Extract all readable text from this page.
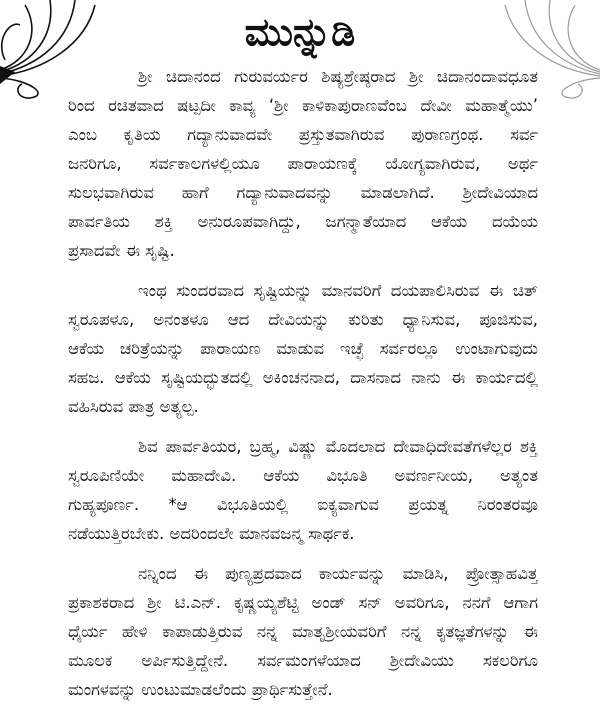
ಮುನ್ನುಡಿ
ಶ್ರೀ ಚಿದಾನಂದ ಗುರುವರ್ಯರ ಶಿಷ್ಯಶ್ರೇಷ್ಠರಾದ ಶ್ರೀ ಚಿದಾನಂದಾವಧೂತ
ರಿಂದ ರಚಿತವಾದ ಷಟ್ಪದೀ ಕಾವ್ಯ ‘ಶ್ರೀ ಕಾಳಿಕಾಪುರಾಣವೆಂಬ ದೇವೀ ಮಹಾತ್ಮೆಯು’
ಎಂಬ ಕೃತಿಯ ಗದ್ಯಾನುವಾದವೇ ಪ್ರಸ್ತುತವಾಗಿರುವ ಪುರಾಣಗ್ರಂಥ. ಸರ್ವ
ಜನರಿಗೂ, ಸರ್ವಕಾಲಗಳಲ್ಲಿಯೂ ಪಾರಾಯಣಕ್ಕೆ ಯೋಗ್ಯವಾಗಿರುವ, ಅರ್ಥ
ಸುಲಭವಾಗಿರುವ ಹಾಗೆ ಗದ್ಯಾನುವಾದವನ್ನು ಮಾಡಲಾಗಿದೆ. ಶ್ರೀದೇವಿಯಾದ
ಪಾರ್ವತಿಯ ಶಕ್ತಿ ಅನುರೂಪವಾಗಿದ್ದು, ಜಗನ್ಮಾತೆಯಾದ ಆಕೆಯ ದಯೆಯ
ಪ್ರಸಾದವೇ ಈ ಸೃಷ್ಟಿ.
ಇಂಥ ಸುಂದರವಾದ ಸೃಷ್ಟಿಯನ್ನು ಮಾನವರಿಗೆ ದಯಪಾಲಿಸಿರುವ ಈ ಚಿತ್
ಸ್ವರೂಪಳೂ, ಅನಂತಳೂ ಆದ ದೇವಿಯನ್ನು ಕುರಿತು ಧ್ಯಾನಿಸುವ, ಪೂಜಿಸುವ,
ಆಕೆಯ ಚರಿತ್ರೆಯನ್ನು ಪಾರಾಯಣ ಮಾಡುವ ಇಚ್ಛೆ ಸರ್ವರಲ್ಲೂ ಉಂಟಾಗುವುದು
ಸಹಜ. ಆಕೆಯ ಸೃಷ್ಟಿಯದ್ಭುತದಲ್ಲಿ ಅಕಿಂಚನನಾದ, ದಾಸನಾದ ನಾನು ಈ ಕಾರ್ಯದಲ್ಲಿ
ವಹಿಸಿರುವ ಪಾತ್ರ ಅತ್ಯಲ್ಪ.
ಶಿವ ಪಾರ್ವತಿಯರ, ಬ್ರಹ್ಮ, ವಿಷ್ಣು ಮೊದಲಾದ ದೇವಾಧಿದೇವತೆಗಳೆಲ್ಲರ ಶಕ್ತಿ
ಸ್ವರೂಪಿಣಿಯೇ ಮಹಾದೇವಿ. ಆಕೆಯ ವಿಭೂತಿ ಅವರ್ಣನೀಯ, ಅತ್ಯಂತ
ಗುಹ್ಯಪೂರ್ಣ. *ಆ ವಿಭೂತಿಯಲ್ಲಿ ಐಕ್ಯವಾಗುವ ಪ್ರಯತ್ನ ನಿರಂತರವೂ
ನಡೆಯುತ್ತಿರಬೇಕು. ಅದರಿಂದಲೇ ಮಾನವಜನ್ಮ ಸಾರ್ಥಕ.
ನನ್ನಿಂದ ಈ ಪುಣ್ಯಪ್ರದವಾದ ಕಾರ್ಯವನ್ನು ಮಾಡಿಸಿ, ಪ್ರೋತ್ಸಾಹವಿತ್ತ
ಪ್ರಕಾಶಕರಾದ ಶ್ರೀ ಟಿ.ಎನ್. ಕೃಷ್ಣಯ್ಯಶೆಟ್ಟಿ ಅಂಡ್ ಸನ್ ಅವರಿಗೂ, ನನಗೆ ಆಗಾಗ
ಧೈರ್ಯ ಹೇಳಿ ಕಾಪಾಡುತ್ತಿರುವ ನನ್ನ ಮಾತೃಶ್ರೀಯವರಿಗೆ ನನ್ನ ಕೃತಜ್ಞತೆಗಳನ್ನು ಈ
ಮೂಲಕ ಅರ್ಪಿಸುತ್ತಿದ್ದೇನೆ. ಸರ್ವಮಂಗಳೆಯಾದ ಶ್ರೀದೇವಿಯು ಸಕಲರಿಗೂ
ಮಂಗಳವನ್ನು ಉಂಟುಮಾಡಲೆಂದು ಪ್ರಾರ್ಥಿಸುತ್ತೇನೆ.
